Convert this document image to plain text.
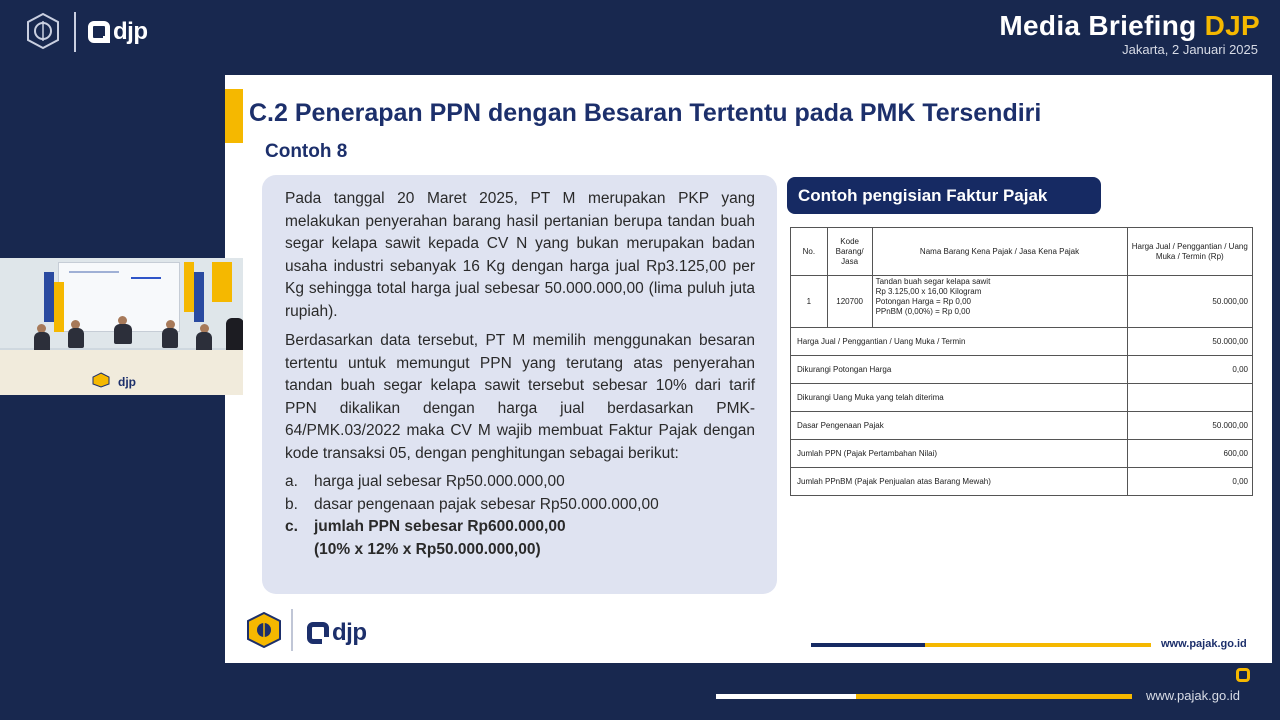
djp	Media Briefing DJP
Jakarta, 2 Januari 2025
C.2 Penerapan PPN dengan Besaran Tertentu pada PMK Tersendiri
Contoh 8

Pada tanggal 20 Maret 2025, PT M merupakan PKP yang melakukan penyerahan barang hasil pertanian berupa tandan buah segar kelapa sawit kepada CV N yang bukan merupakan badan usaha industri sebanyak 16 Kg dengan harga jual Rp3.125,00 per Kg sehingga total harga jual sebesar 50.000.000,00 (lima puluh juta rupiah).

Berdasarkan data tersebut, PT M memilih menggunakan besaran tertentu untuk memungut PPN yang terutang atas penyerahan tandan buah segar kelapa sawit tersebut sebesar 10% dari tarif PPN dikalikan dengan harga jual berdasarkan PMK-64/PMK.03/2022 maka CV M wajib membuat Faktur Pajak dengan kode transaksi 05, dengan penghitungan sebagai berikut:

a.	harga jual sebesar Rp50.000.000,00
b.	dasar pengenaan pajak sebesar Rp50.000.000,00
c.	jumlah PPN sebesar Rp600.000,00
(10% x 12% x Rp50.000.000,00)
Contoh pengisian Faktur Pajak
No.	Kode Barang/ Jasa	Nama Barang Kena Pajak / Jasa Kena Pajak	Harga Jual / Penggantian / Uang Muka / Termin (Rp)
1	120700	Tandan buah segar kelapa sawit
Rp 3.125,00 x 16,00 Kilogram
Potongan Harga = Rp 0,00
PPnBM (0,00%) = Rp 0,00	50.000,00
Harga Jual / Penggantian / Uang Muka / Termin			50.000,00
Dikurangi Potongan Harga			0,00
Dikurangi Uang Muka yang telah diterima			
Dasar Pengenaan Pajak			50.000,00
Jumlah PPN (Pajak Pertambahan Nilai)			600,00
Jumlah PPnBM (Pajak Penjualan atas Barang Mewah)			0,00
djp	www.pajak.go.id
djp
www.pajak.go.id
